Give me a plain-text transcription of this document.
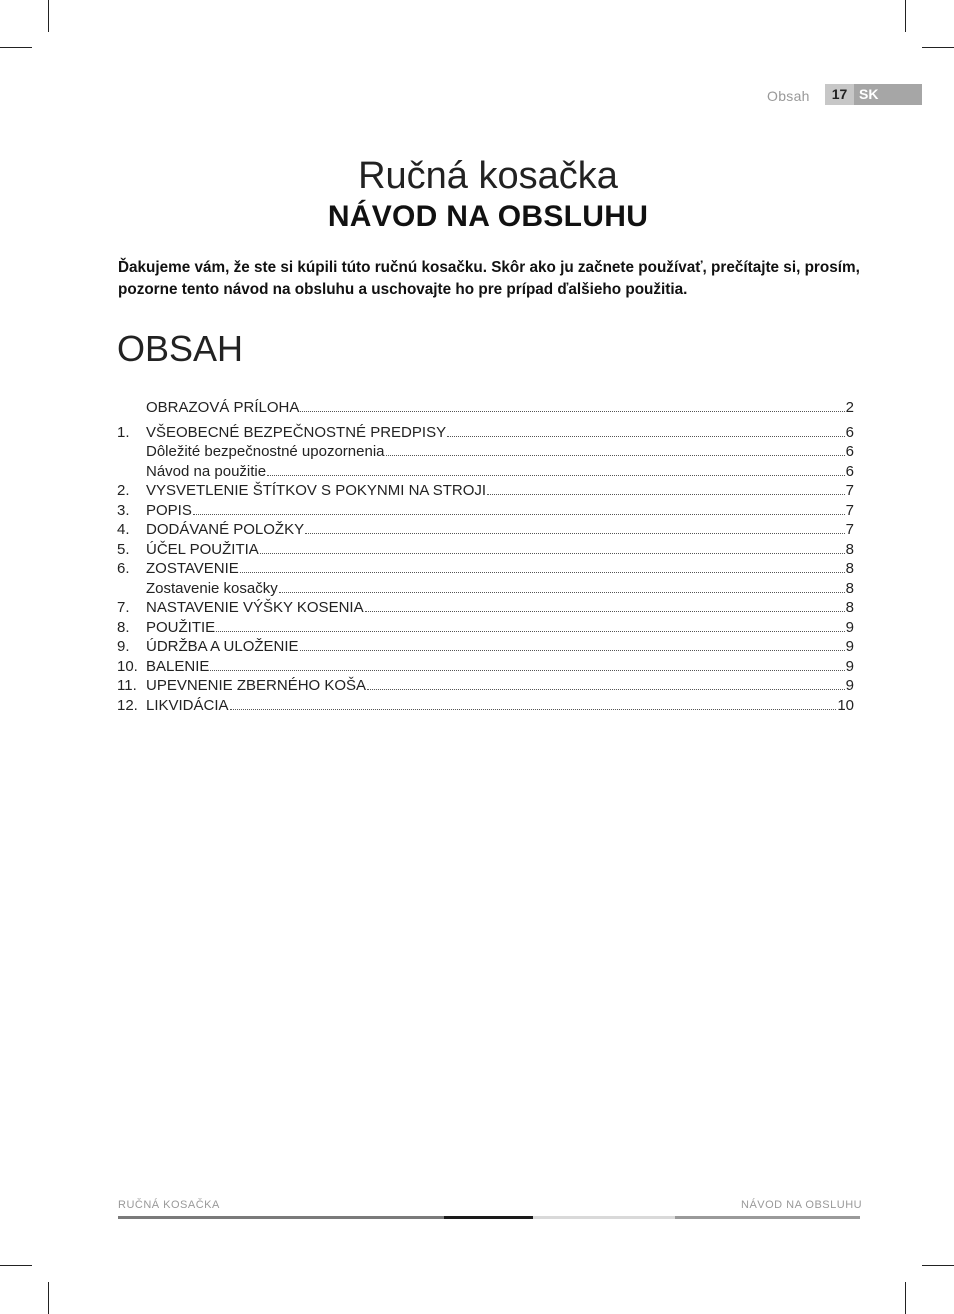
Obsah	17 SK
Ručná kosačka
NÁVOD NA OBSLUHU
Ďakujeme vám, že ste si kúpili túto ručnú kosačku. Skôr ako ju začnete používať, prečítajte si, prosím, pozorne tento návod na obsluhu a uschovajte ho pre prípad ďalšieho použitia.
OBSAH
OBRAZOVÁ PRÍLOHA	2
1.	VŠEOBECNÉ BEZPEČNOSTNÉ PREDPISY	6
Dôležité bezpečnostné upozornenia	6
Návod na použitie	6
2.	VYSVETLENIE ŠTÍTKOV S POKYNMI NA STROJI	7
3.	POPIS	7
4.	DODÁVANÉ POLOŽKY	7
5.	ÚČEL POUŽITIA	8
6.	ZOSTAVENIE	8
Zostavenie kosačky	8
7.	NASTAVENIE VÝŠKY KOSENIA	8
8.	POUŽITIE	9
9.	ÚDRŽBA A ULOŽENIE	9
10. BALENIE	9
11. UPEVNENIE ZBERNÉHO KOŠA	9
12. LIKVIDÁCIA	10
RUČNÁ KOSAČKA	NÁVOD NA OBSLUHU
